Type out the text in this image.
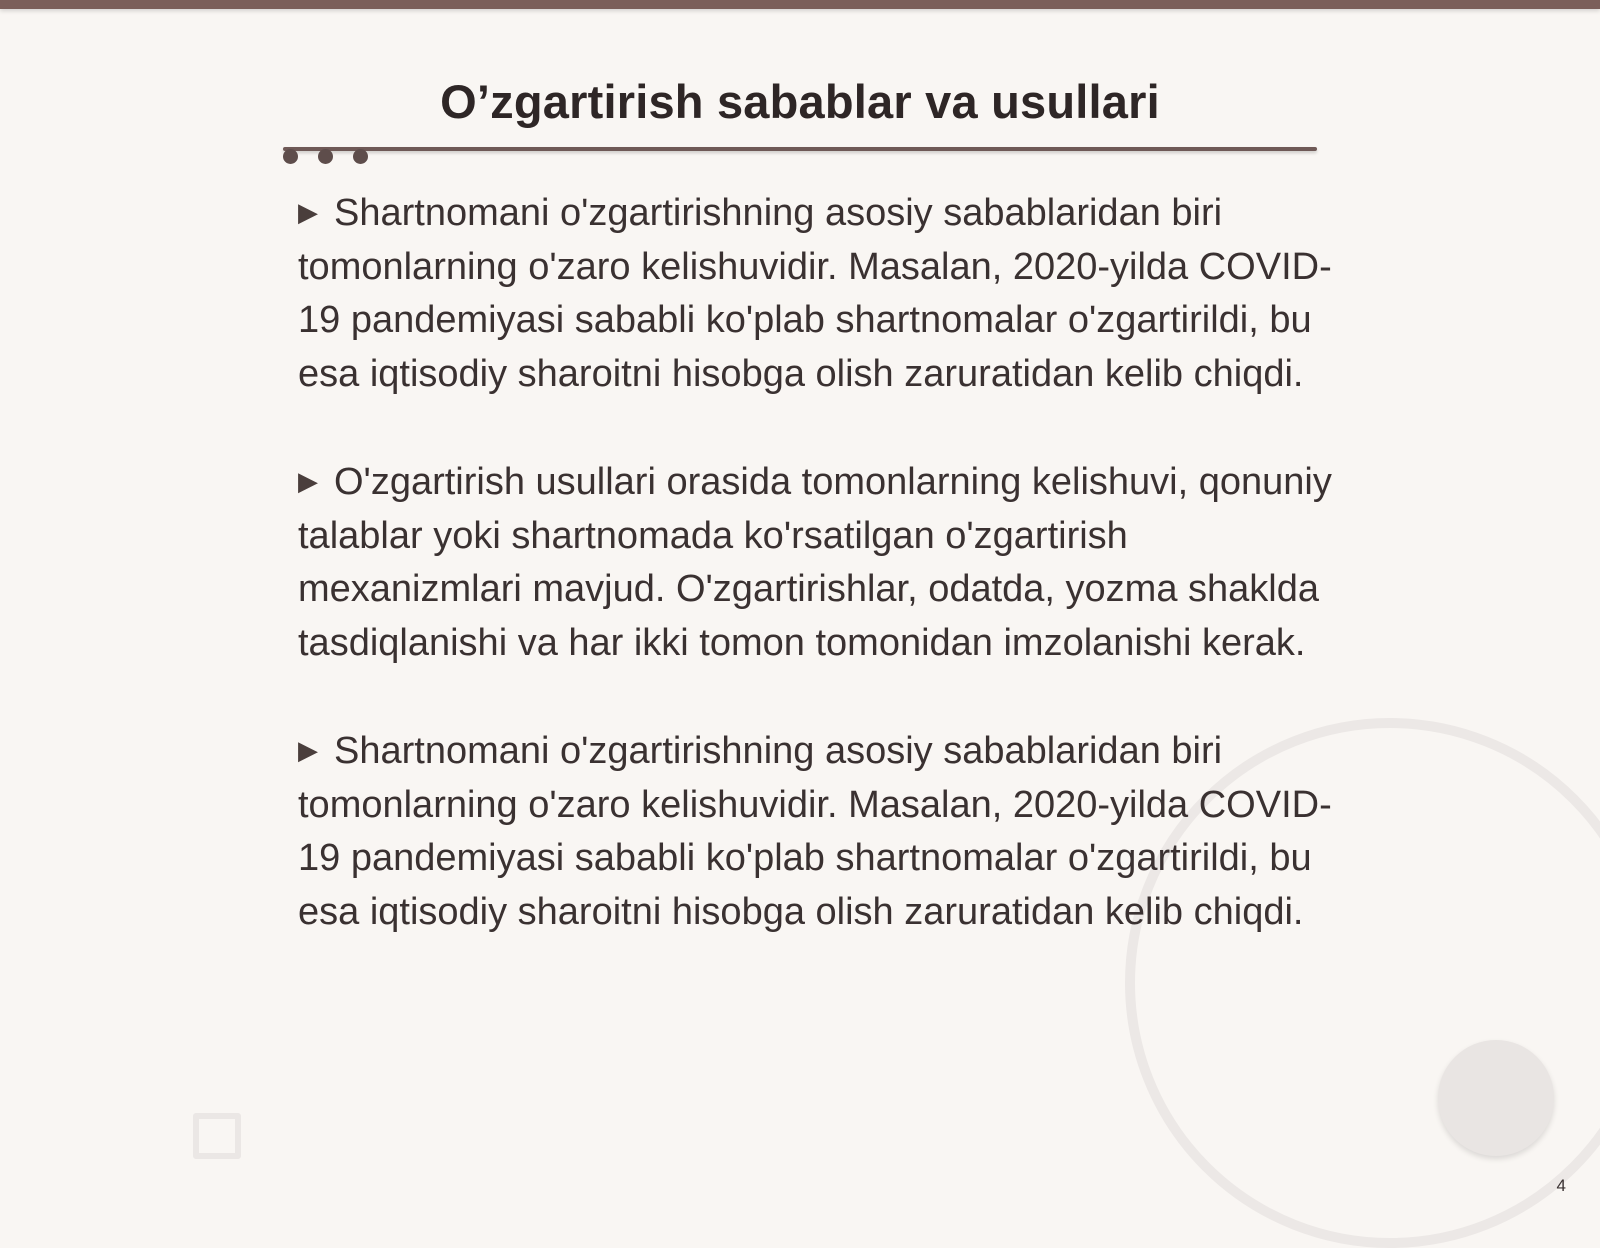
O’zgartirish sabablar va usullari

▶ Shartnomani o'zgartirishning asosiy sabablaridan biri tomonlarning o'zaro kelishuvidir. Masalan, 2020-yilda COVID-19 pandemiyasi sababli ko'plab shartnomalar o'zgartirildi, bu esa iqtisodiy sharoitni hisobga olish zaruratidan kelib chiqdi.

▶ O'zgartirish usullari orasida tomonlarning kelishuvi, qonuniy talablar yoki shartnomada ko'rsatilgan o'zgartirish mexanizmlari mavjud. O'zgartirishlar, odatda, yozma shaklda tasdiqlanishi va har ikki tomon tomonidan imzolanishi kerak.

▶ Shartnomani o'zgartirishning asosiy sabablaridan biri tomonlarning o'zaro kelishuvidir. Masalan, 2020-yilda COVID-19 pandemiyasi sababli ko'plab shartnomalar o'zgartirildi, bu esa iqtisodiy sharoitni hisobga olish zaruratidan kelib chiqdi.

4
